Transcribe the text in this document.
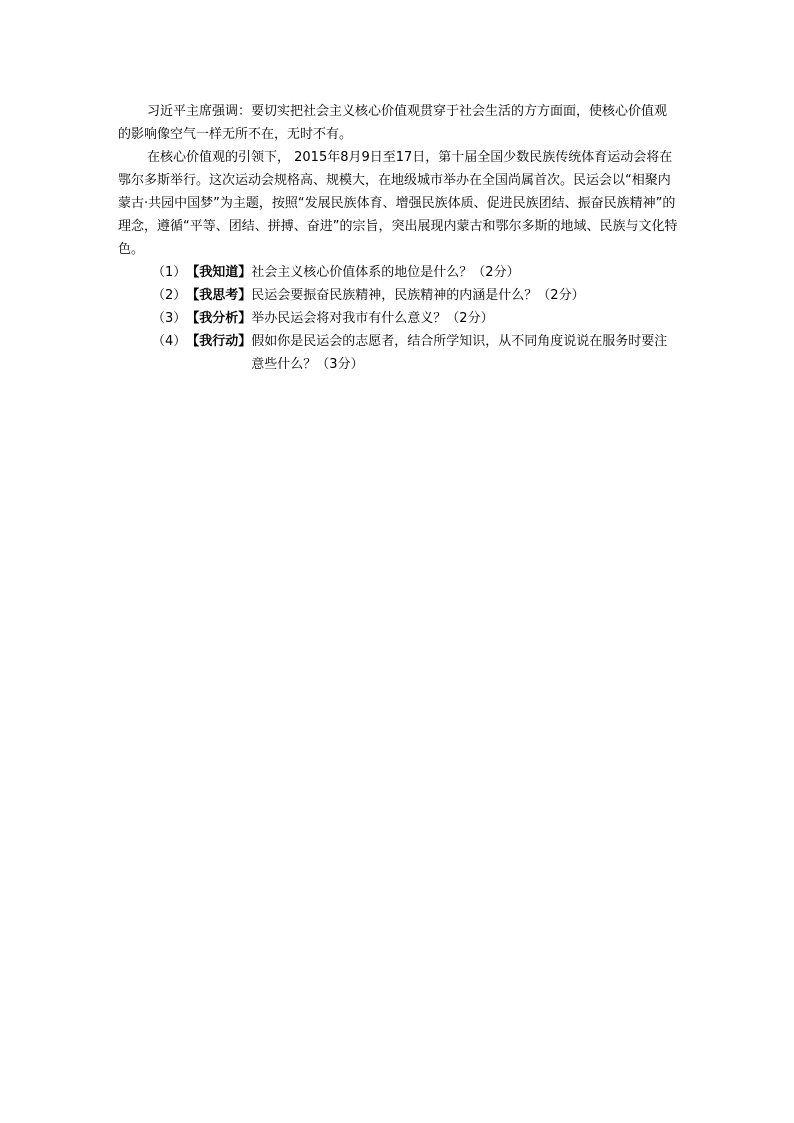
习近平主席强调：要切实把社会主义核心价值观贯穿于社会生活的方方面面，使核心价值观的影响像空气一样无所不在，无时不有。

在核心价值观的引领下， 2015年8月9日至17日，第十届全国少数民族传统体育运动会将在鄂尔多斯举行。这次运动会规格高、规模大，在地级城市举办在全国尚属首次。民运会以“相聚内蒙古·共园中国梦”为主题，按照“发展民族体育、增强民族体质、促进民族团结、振奋民族精神”的理念，遵循“平等、团结、拼搏、奋进”的宗旨，突出展现内蒙古和鄂尔多斯的地域、民族与文化特色。

（1） 【我知道】 社会主义核心价值体系的地位是什么？（2分）
（2） 【我思考】 民运会要振奋民族精神，民族精神的内涵是什么？（2分）
（3） 【我分析】 举办民运会将对我市有什么意义？（2分）
（4） 【我行动】 假如你是民运会的志愿者，结合所学知识，从不同角度说说在服务时要注意些什么？（3分）
